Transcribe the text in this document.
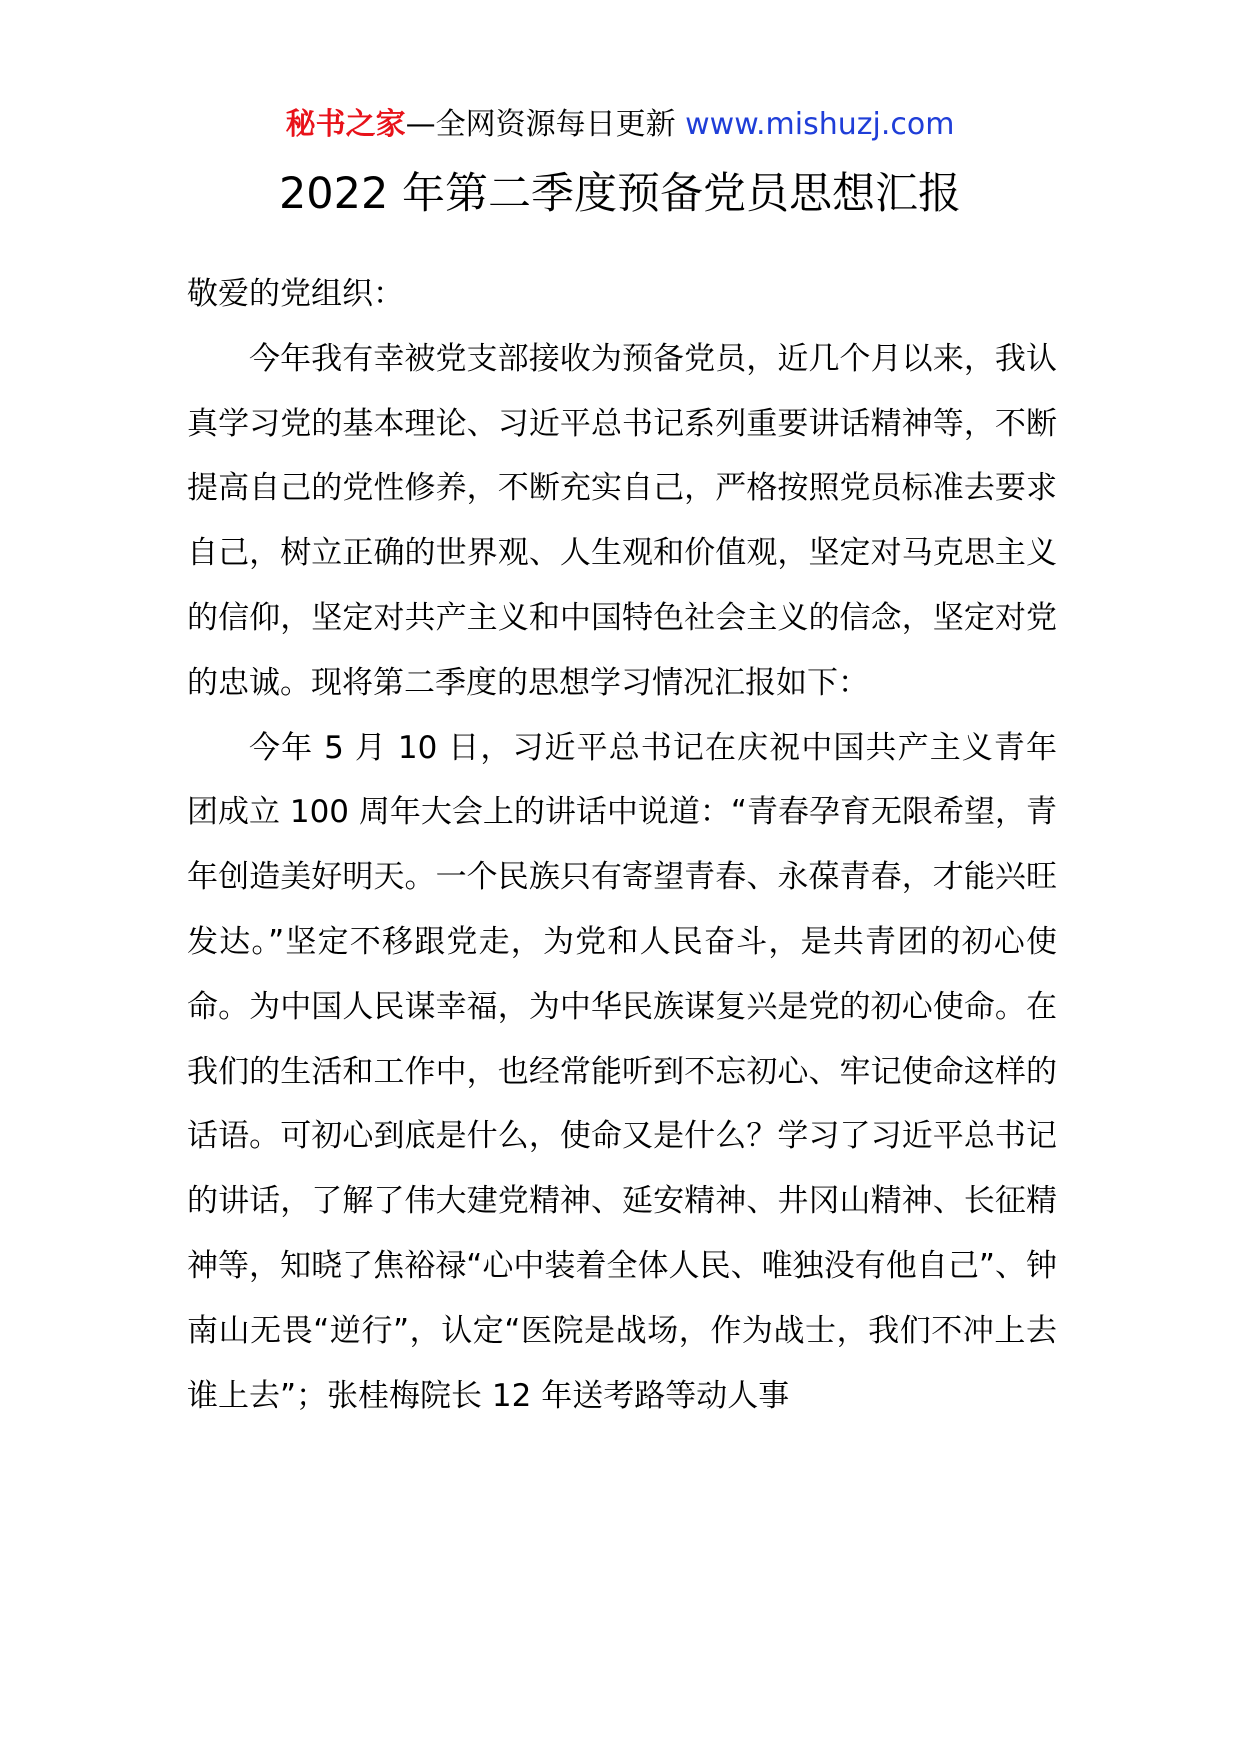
秘书之家—全网资源每日更新 www.mishuzj.com
2022 年第二季度预备党员思想汇报

敬爱的党组织：

今年我有幸被党支部接收为预备党员，近几个月以来，我认真学习党的基本理论、习近平总书记系列重要讲话精神等，不断提高自己的党性修养，不断充实自己，严格按照党员标准去要求自己，树立正确的世界观、人生观和价值观，坚定对马克思主义的信仰，坚定对共产主义和中国特色社会主义的信念，坚定对党的忠诚。现将第二季度的思想学习情况汇报如下：

今年 5 月 10 日，习近平总书记在庆祝中国共产主义青年团成立 100 周年大会上的讲话中说道：“青春孕育无限希望，青年创造美好明天。一个民族只有寄望青春、永葆青春，才能兴旺发达。”坚定不移跟党走，为党和人民奋斗，是共青团的初心使命。为中国人民谋幸福，为中华民族谋复兴是党的初心使命。在我们的生活和工作中，也经常能听到不忘初心、牢记使命这样的话语。可初心到底是什么，使命又是什么？学习了习近平总书记的讲话，了解了伟大建党精神、延安精神、井冈山精神、长征精神等，知晓了焦裕禄“心中装着全体人民、唯独没有他自己”、钟南山无畏“逆行”，认定“医院是战场，作为战士，我们不冲上去谁上去”；张桂梅院长 12 年送考路等动人事
